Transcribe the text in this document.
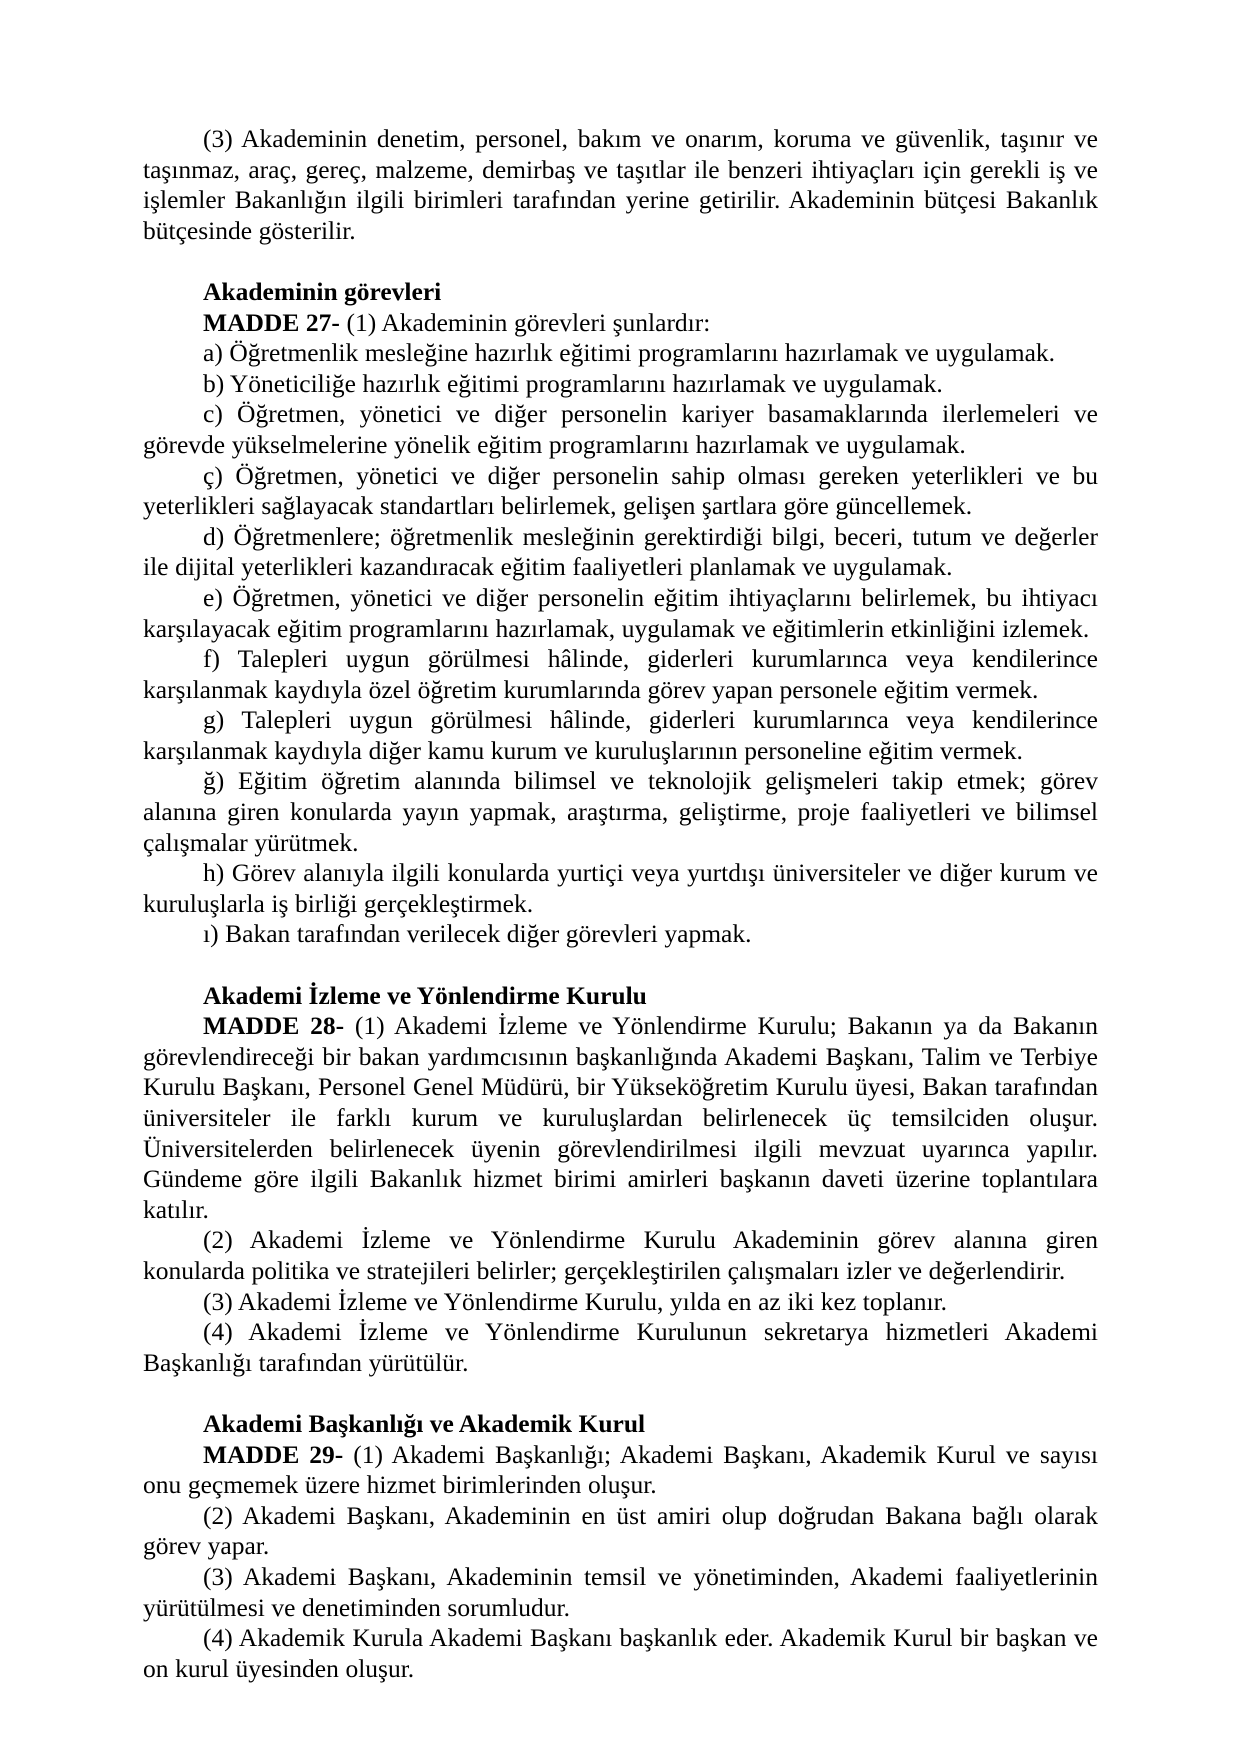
(3) Akademinin denetim, personel, bakım ve onarım, koruma ve güvenlik, taşınır ve taşınmaz, araç, gereç, malzeme, demirbaş ve taşıtlar ile benzeri ihtiyaçları için gerekli iş ve işlemler Bakanlığın ilgili birimleri tarafından yerine getirilir. Akademinin bütçesi Bakanlık bütçesinde gösterilir.

Akademinin görevleri

MADDE 27- (1) Akademinin görevleri şunlardır:

a) Öğretmenlik mesleğine hazırlık eğitimi programlarını hazırlamak ve uygulamak.

b) Yöneticiliğe hazırlık eğitimi programlarını hazırlamak ve uygulamak.

c) Öğretmen, yönetici ve diğer personelin kariyer basamaklarında ilerlemeleri ve görevde yükselmelerine yönelik eğitim programlarını hazırlamak ve uygulamak.

ç) Öğretmen, yönetici ve diğer personelin sahip olması gereken yeterlikleri ve bu yeterlikleri sağlayacak standartları belirlemek, gelişen şartlara göre güncellemek.

d) Öğretmenlere; öğretmenlik mesleğinin gerektirdiği bilgi, beceri, tutum ve değerler ile dijital yeterlikleri kazandıracak eğitim faaliyetleri planlamak ve uygulamak.

e) Öğretmen, yönetici ve diğer personelin eğitim ihtiyaçlarını belirlemek, bu ihtiyacı karşılayacak eğitim programlarını hazırlamak, uygulamak ve eğitimlerin etkinliğini izlemek.

f) Talepleri uygun görülmesi hâlinde, giderleri kurumlarınca veya kendilerince karşılanmak kaydıyla özel öğretim kurumlarında görev yapan personele eğitim vermek.

g) Talepleri uygun görülmesi hâlinde, giderleri kurumlarınca veya kendilerince karşılanmak kaydıyla diğer kamu kurum ve kuruluşlarının personeline eğitim vermek.

ğ) Eğitim öğretim alanında bilimsel ve teknolojik gelişmeleri takip etmek; görev alanına giren konularda yayın yapmak, araştırma, geliştirme, proje faaliyetleri ve bilimsel çalışmalar yürütmek.

h) Görev alanıyla ilgili konularda yurtiçi veya yurtdışı üniversiteler ve diğer kurum ve kuruluşlarla iş birliği gerçekleştirmek.

ı) Bakan tarafından verilecek diğer görevleri yapmak.

Akademi İzleme ve Yönlendirme Kurulu

MADDE 28- (1) Akademi İzleme ve Yönlendirme Kurulu; Bakanın ya da Bakanın görevlendireceği bir bakan yardımcısının başkanlığında Akademi Başkanı, Talim ve Terbiye Kurulu Başkanı, Personel Genel Müdürü, bir Yükseköğretim Kurulu üyesi, Bakan tarafından üniversiteler ile farklı kurum ve kuruluşlardan belirlenecek üç temsilciden oluşur. Üniversitelerden belirlenecek üyenin görevlendirilmesi ilgili mevzuat uyarınca yapılır. Gündeme göre ilgili Bakanlık hizmet birimi amirleri başkanın daveti üzerine toplantılara katılır.

(2) Akademi İzleme ve Yönlendirme Kurulu Akademinin görev alanına giren konularda politika ve stratejileri belirler; gerçekleştirilen çalışmaları izler ve değerlendirir.

(3) Akademi İzleme ve Yönlendirme Kurulu, yılda en az iki kez toplanır.

(4) Akademi İzleme ve Yönlendirme Kurulunun sekretarya hizmetleri Akademi Başkanlığı tarafından yürütülür.

Akademi Başkanlığı ve Akademik Kurul

MADDE 29- (1) Akademi Başkanlığı; Akademi Başkanı, Akademik Kurul ve sayısı onu geçmemek üzere hizmet birimlerinden oluşur.

(2) Akademi Başkanı, Akademinin en üst amiri olup doğrudan Bakana bağlı olarak görev yapar.

(3) Akademi Başkanı, Akademinin temsil ve yönetiminden, Akademi faaliyetlerinin yürütülmesi ve denetiminden sorumludur.

(4) Akademik Kurula Akademi Başkanı başkanlık eder. Akademik Kurul bir başkan ve on kurul üyesinden oluşur.
